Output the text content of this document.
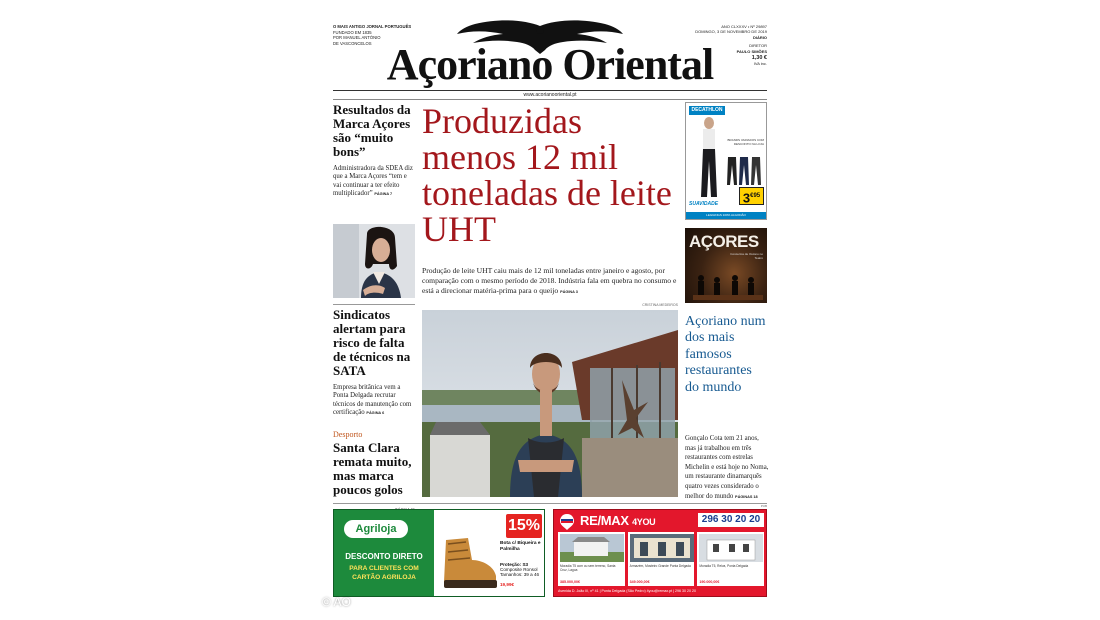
O MAIS ANTIGO JORNAL PORTUGUÊS
FUNDADO EM 1835
POR MANUEL ANTÓNIO
DE VASCONCELOS Açoriano Oriental
ANO CLXXXV • Nº 29897
DOMINGO, 3 DE NOVEMBRO DE 2019
DIÁRIO
DIRETOR
PAULO SIMÕES
1,30 €
IVA inc.
www.acorianooriental.pt
Resultados da Marca Açores são “muito bons”
Administradora da SDEA diz que a Marca Açores “tem e vai continuar a ter efeito multiplicador” PÁGINA 7
Sindicatos alertam para risco de falta de técnicos na SATA
Empresa britânica vem a Ponta Delgada recrutar técnicos de manutenção com certificação PÁGINA 6
Desporto
Santa Clara remata muito, mas marca poucos golos
Produzidas menos 12 mil toneladas de leite UHT
Produção de leite UHT caiu mais de 12 mil toneladas entre janeiro e agosto, por comparação com o mesmo período de 2018. Indústria fala em quebra no consumo e está a direcionar matéria-prima para o queijo PÁGINA 3
CRISTINA MEDEIROS
DECATHLON
BRANDS VARIADOS COM DESCONTO NA LOJA
$3^{€95}$
SUAVIDADE
LEGGINGS 100% ALGODÃO
AÇORES
Concertos de Outono no Teatro
Açoriano num dos mais famosos restaurantes do mundo
Gonçalo Cota tem 21 anos, mas já trabalhou em três restaurantes com estrelas Michelin e está hoje no Noma, um restaurante dinamarquês quatro vezes considerado o melhor do mundo PÁGINAS 18
PUB
Agriloja
DESCONTO DIRETO
PARA CLIENTES COM
CARTÃO AGRILOJA
15%
Bota c/ Biqueira e Palmilha
Proteção: S3
Composite Ronsol Tamanhos: 39 a 46
19,99€
RE/MAX 4YOU	296 30 20 20
Moradia T5 com ou sem terreno, Santa Cruz, Lagoa
385.000,00€
Armazém, Mosteiro Grande Ponta Delgada
349.000,00€
Moradia T5, Relva, Ponta Delgada
190.000,00€
Avenida D. João III, nº 41 | Ponta Delgada (São Pedro) 4you@remax.pt | 296 30 20 20
© AO
